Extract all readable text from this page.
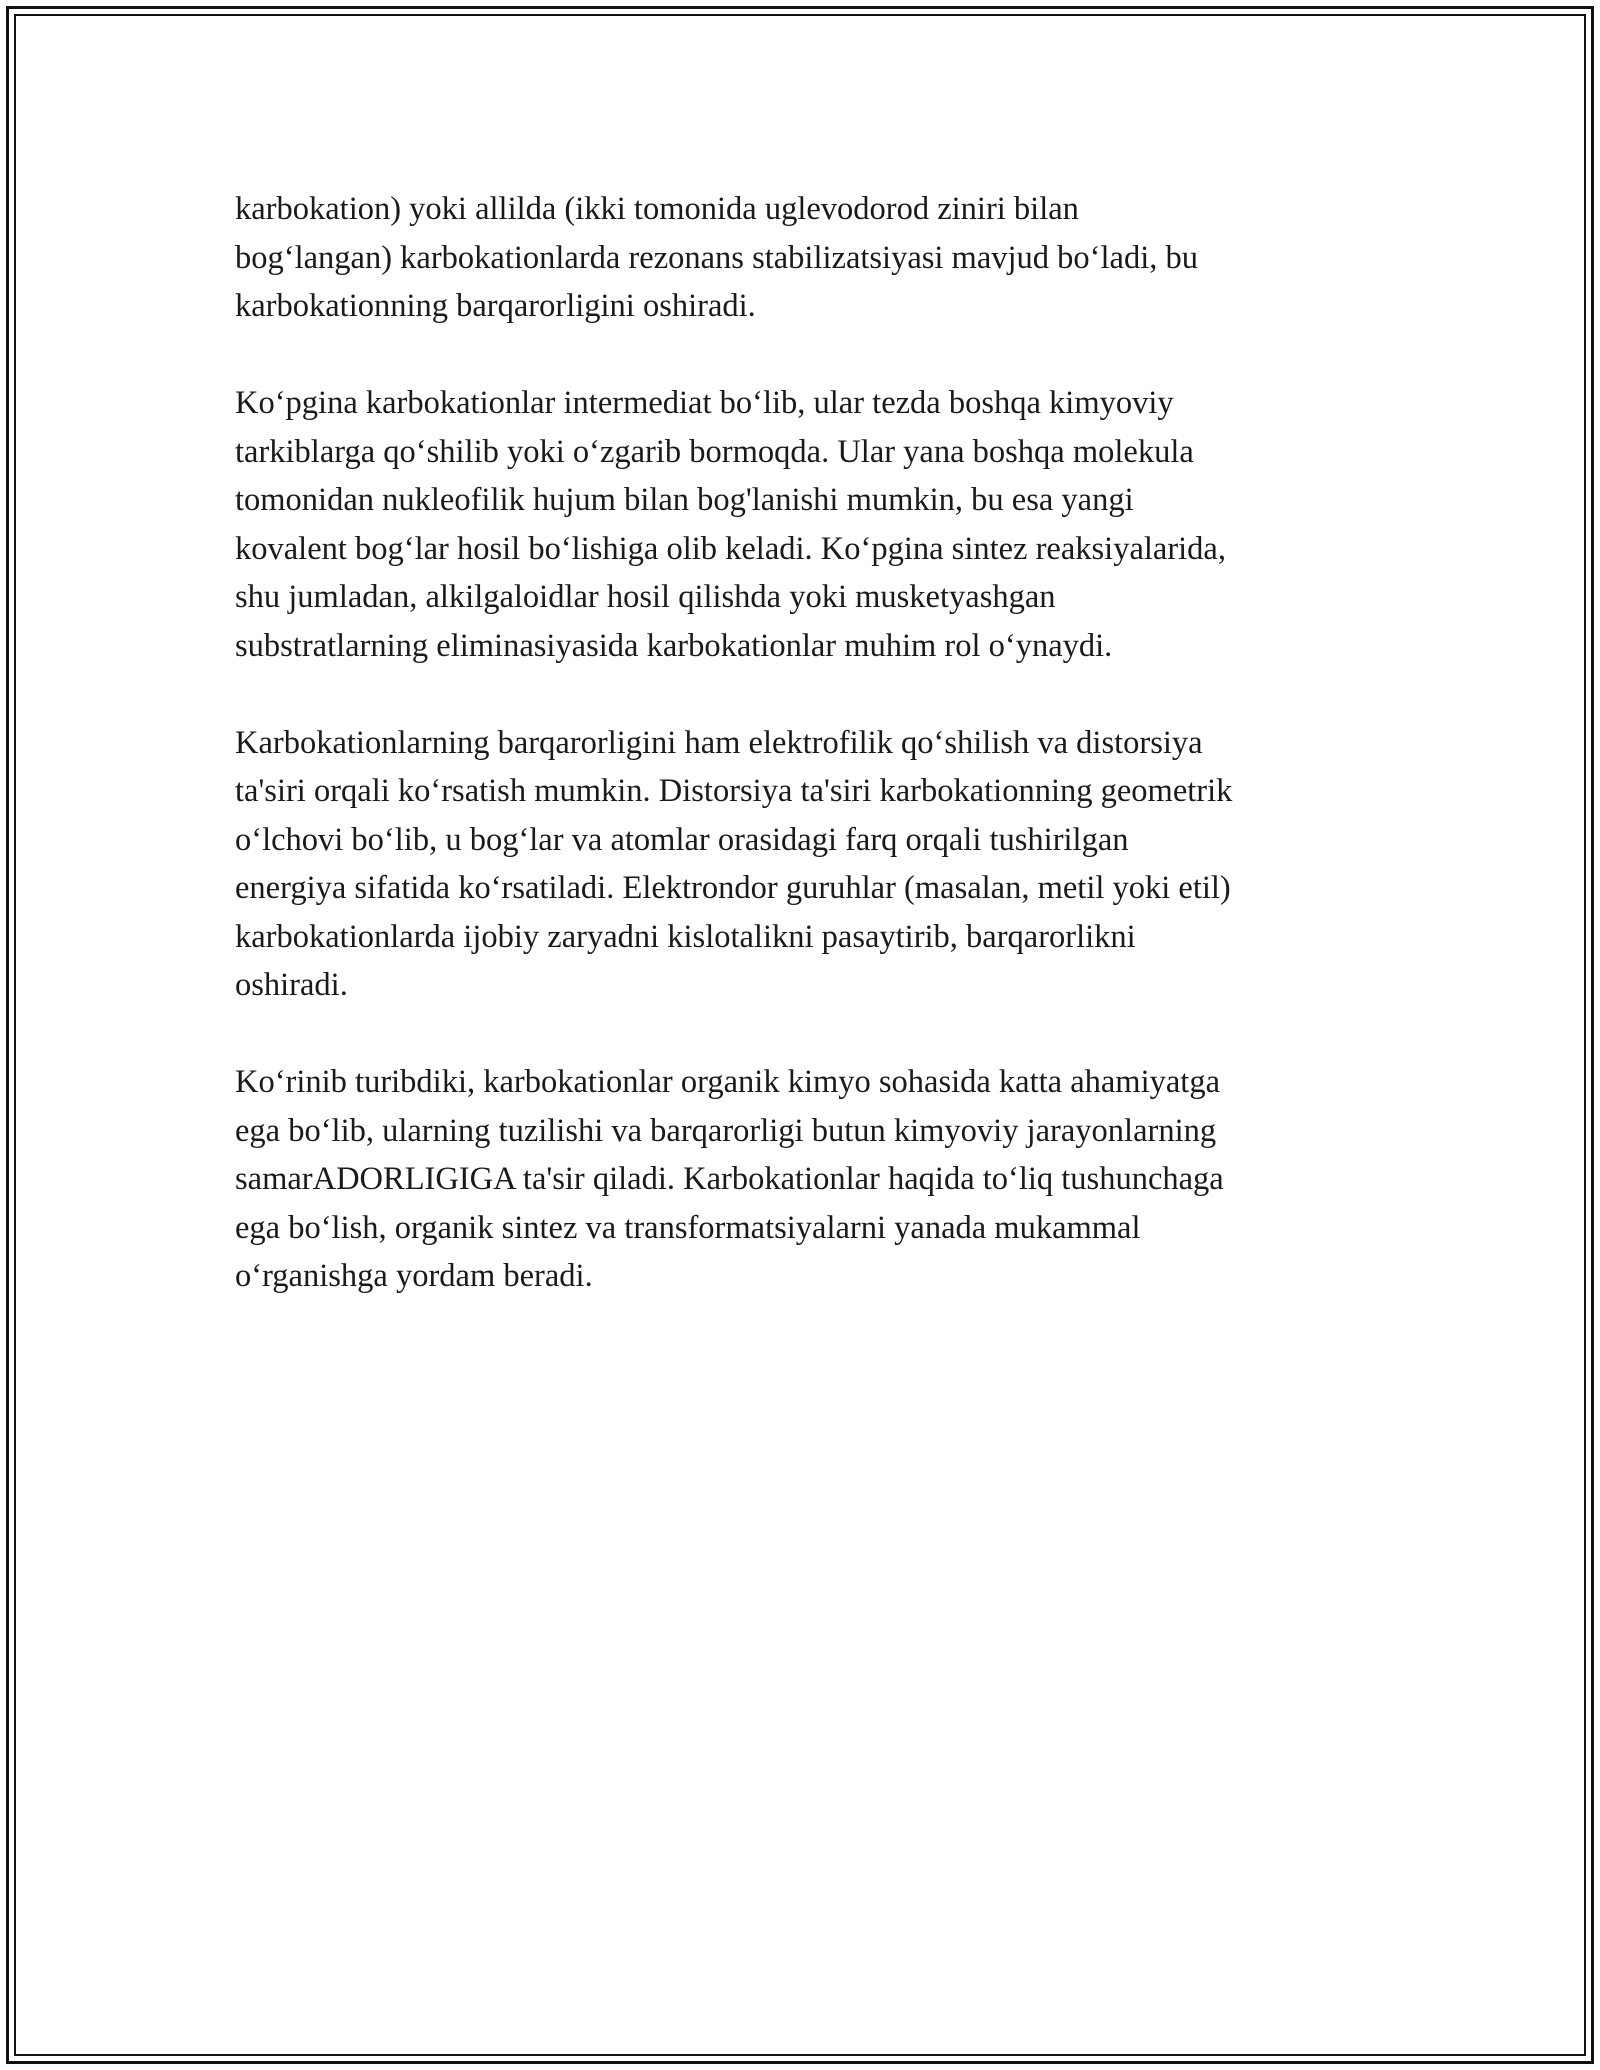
karbokation) yoki allilda (ikki tomonida uglevodorod ziniri bilan
bog‘langan) karbokationlarda rezonans stabilizatsiyasi mavjud bo‘ladi, bu
karbokationning barqarorligini oshiradi.

Ko‘pgina karbokationlar intermediat bo‘lib, ular tezda boshqa kimyoviy
tarkiblarga qo‘shilib yoki o‘zgarib bormoqda. Ular yana boshqa molekula
tomonidan nukleofilik hujum bilan bog'lanishi mumkin, bu esa yangi
kovalent bog‘lar hosil bo‘lishiga olib keladi. Ko‘pgina sintez reaksiyalarida,
shu jumladan, alkilgaloidlar hosil qilishda yoki musketyashgan
substratlarning eliminasiyasida karbokationlar muhim rol o‘ynaydi.

Karbokationlarning barqarorligini ham elektrofilik qo‘shilish va distorsiya
ta'siri orqali ko‘rsatish mumkin. Distorsiya ta'siri karbokationning geometrik
o‘lchovi bo‘lib, u bog‘lar va atomlar orasidagi farq orqali tushirilgan
energiya sifatida ko‘rsatiladi. Elektrondor guruhlar (masalan, metil yoki etil)
karbokationlarda ijobiy zaryadni kislotalikni pasaytirib, barqarorlikni
oshiradi.

Ko‘rinib turibdiki, karbokationlar organik kimyo sohasida katta ahamiyatga
ega bo‘lib, ularning tuzilishi va barqarorligi butun kimyoviy jarayonlarning
samarADORLIGIGA ta'sir qiladi. Karbokationlar haqida to‘liq tushunchaga
ega bo‘lish, organik sintez va transformatsiyalarni yanada mukammal
o‘rganishga yordam beradi.
